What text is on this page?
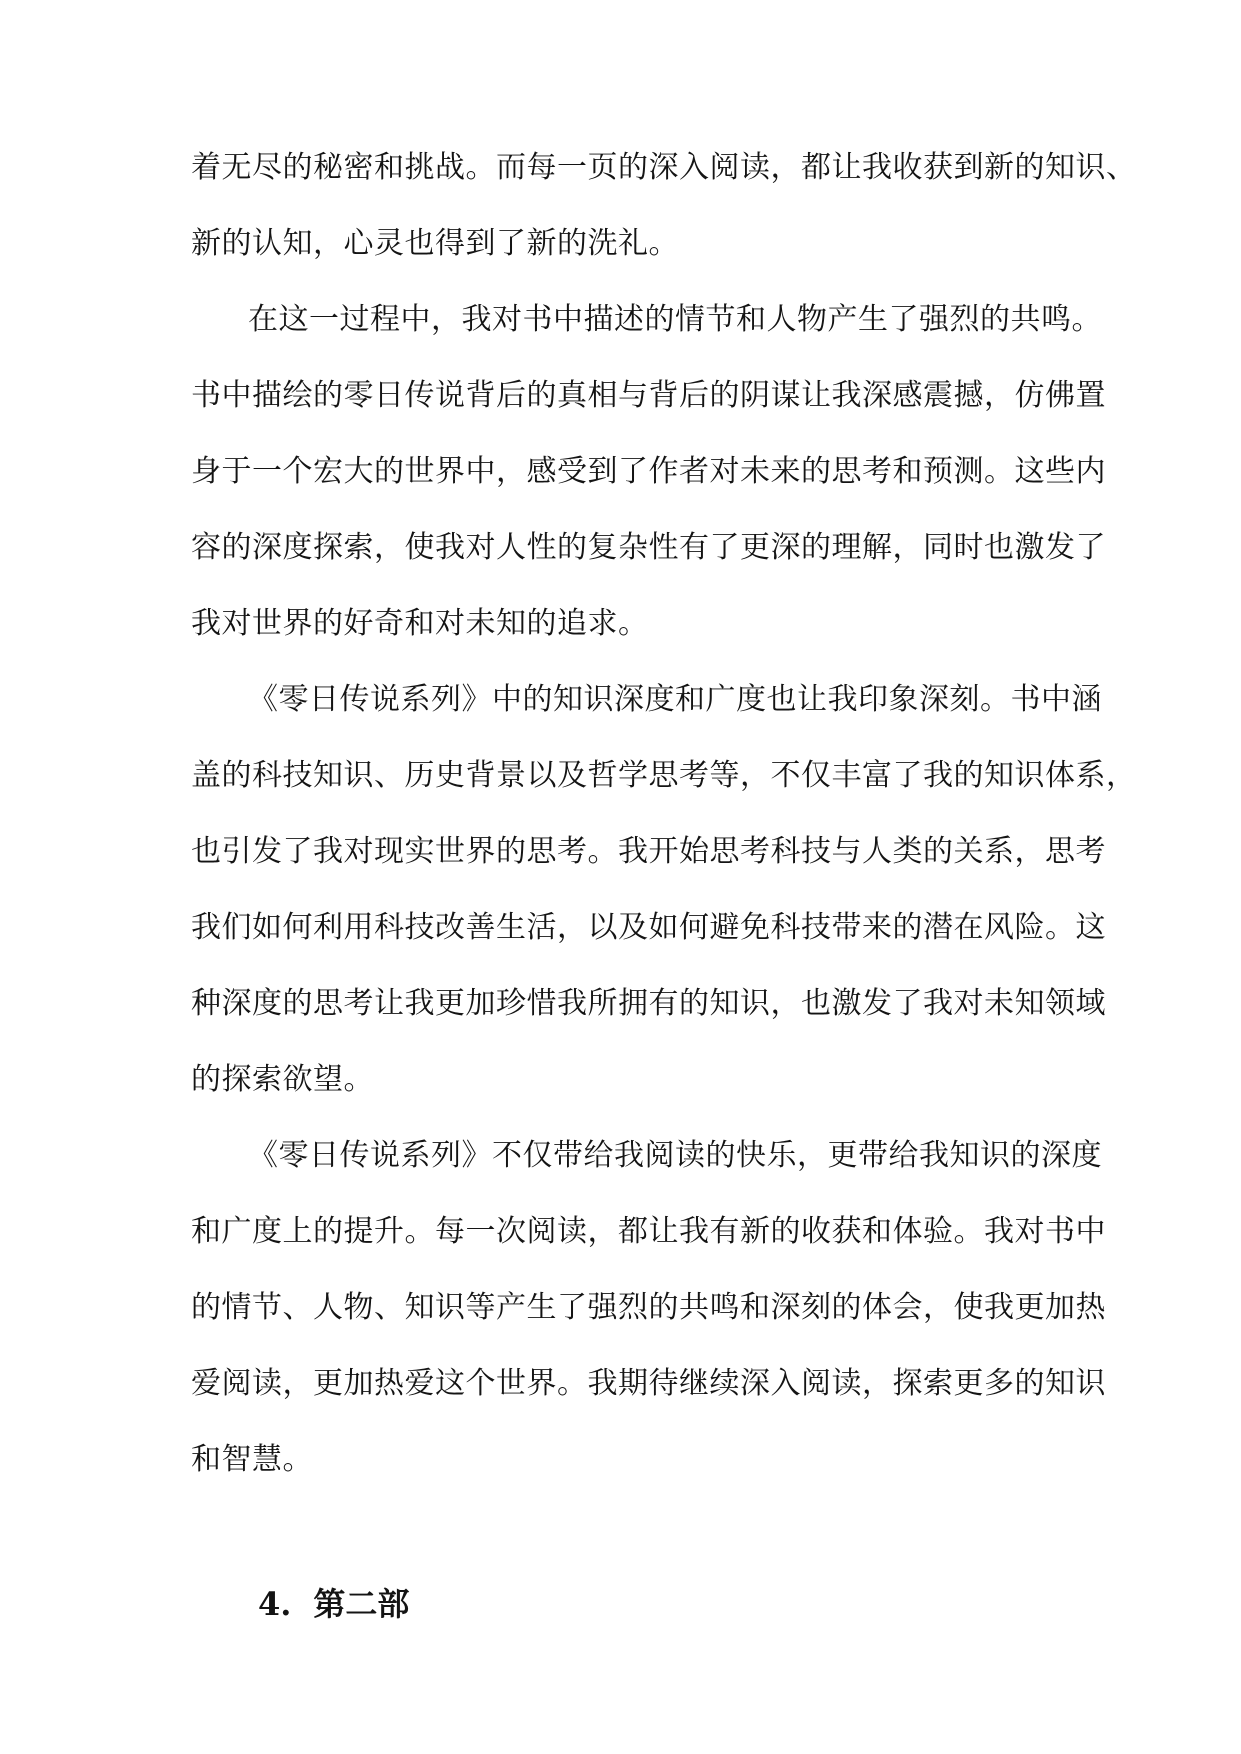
着无尽的秘密和挑战。而每一页的深入阅读，都让我收获到新的知识、
新的认知，心灵也得到了新的洗礼。
在这一过程中，我对书中描述的情节和人物产生了强烈的共鸣。
书中描绘的零日传说背后的真相与背后的阴谋让我深感震撼，仿佛置
身于一个宏大的世界中，感受到了作者对未来的思考和预测。这些内
容的深度探索，使我对人性的复杂性有了更深的理解，同时也激发了
我对世界的好奇和对未知的追求。
《零日传说系列》中的知识深度和广度也让我印象深刻。书中涵
盖的科技知识、历史背景以及哲学思考等，不仅丰富了我的知识体系，
也引发了我对现实世界的思考。我开始思考科技与人类的关系，思考
我们如何利用科技改善生活，以及如何避免科技带来的潜在风险。这
种深度的思考让我更加珍惜我所拥有的知识，也激发了我对未知领域
的探索欲望。
《零日传说系列》不仅带给我阅读的快乐，更带给我知识的深度
和广度上的提升。每一次阅读，都让我有新的收获和体验。我对书中
的情节、人物、知识等产生了强烈的共鸣和深刻的体会，使我更加热
爱阅读，更加热爱这个世界。我期待继续深入阅读，探索更多的知识
和智慧。
4. 第二部
